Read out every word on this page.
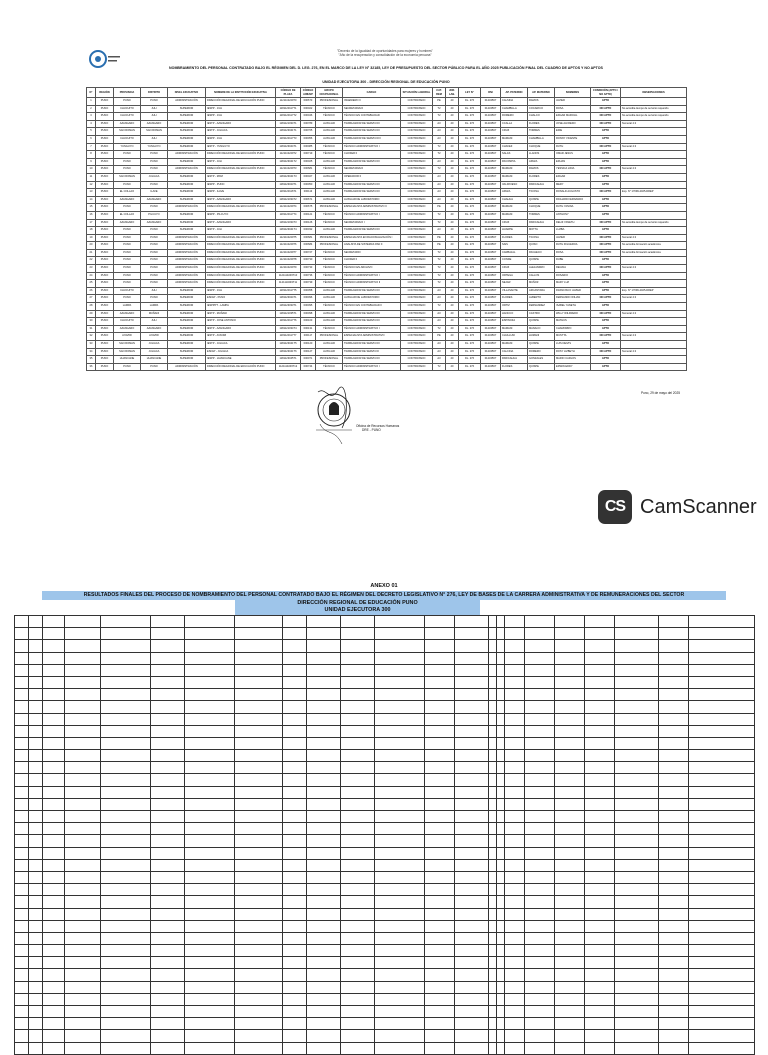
"Decenio de la Igualdad de oportunidades para mujeres y hombres"
"Año de la recuperación y consolidación de la economía peruana"
NOMBRAMIENTO DEL PERSONAL CONTRATADO BAJO EL RÉGIMEN DEL D. LEG. 276, EN EL MARCO DE LA LEY N° 32185, LEY DE PRESUPUESTO DEL SECTOR PÚBLICO PARA EL AÑO 2025 PUBLICACIÓN FINAL DEL CUADRO DE APTOS Y NO APTOS
UNIDAD EJECUTORA 300 - DIRECCIÓN REGIONAL DE EDUCACIÓN PUNO
N°	REGIÓN	PROVINCIA	DISTRITO	NIVEL EDUCATIVO	NOMBRE DE LA INSTITUCIÓN EDUCATIVA	CÓDIGO DE PLAZA	CÓDIGO AIRHSP	GRUPO OCUPACIONAL	CARGO	SITUACIÓN LABORAL	CAT. REM	JOR. LAB.	LEY N°	DNI	AP. PATERNO	AP. MATERNO	NOMBRES	CONDICIÓN (APTO / NO APTO)	OBSERVACIONES
1	PUNO	PUNO	PUNO	ADMINISTRACIÓN	DIRECCIÓN REGIONAL DE EDUCACIÓN PUNO	1121113249T0	000673	PROFESIONAL	INGENIERO II	CONTRATADO	PE	40	DL. 276	01234567	CALSINA	RAMOS	JAVIER	APTO	
2	PUNO	CHUCUITO	JULI	SUPERIOR	IESPP - JULI	1181123117T1	000022	TÉCNICO	SECRETARIA/O	CONTRATADO	T2	40	DL. 276	01234567	CHAMBILLA	COCARICO	ROSA	NO APTO	No acredita tiempo de servicio requerido
3	PUNO	CHUCUITO	JULI	SUPERIOR	IESPP - JULI	1181123117T2	000046	TÉCNICO	TÉCNICO EN CONTABILIDAD	CONTRATADO	T2	40	DL. 276	01234567	ROMERO	CHALCO	EDGAR MARCIAL	NO APTO	No acredita tiempo de servicio requerido
4	PUNO	AZANGARO	AZANGARO	SUPERIOR	IESTP - AZANGARO	1181121034T1	000789	AUXILIAR	TRABAJADOR DE SERVICIO I	CONTRATADO	A3	40	DL. 276	01234567	CCALLA	FLORES	JOSE ALFREDO	NO APTO	Numeral 4.3
5	PUNO	SAN ROMAN	SAN ROMAN	SUPERIOR	IESTP - JULIACA	1181123041T1	000765	AUXILIAR	TRABAJADOR DE SERVICIO I	CONTRATADO	A3	40	DL. 276	01234567	CRUZ	TORRES	EDIE	APTO	
6	PUNO	CHUCUITO	JULI	SUPERIOR	IESPP - JULI	1181123117T3	000056	AUXILIAR	TRABAJADOR DE SERVICIO II	CONTRATADO	A3	40	DL. 276	01234567	MAMANI	CHAMBILLA	RONNY VICENTE	APTO	
7	PUNO	YUNGUYO	YUNGUYO	SUPERIOR	IESTP - YUNGUYO	1181123044T1	000085	TÉCNICO	TÉCNICO ADMINISTRATIVO I	CONTRATADO	T2	40	DL. 276	01234567	CHAVEZ	CHOQUE	RUTH	NO APTO	Numeral 4.3
8	PUNO	PUNO	PUNO	ADMINISTRACIÓN	DIRECCIÓN REGIONAL DE EDUCACIÓN PUNO	1121113249T2	000719	TÉCNICO	CHOFER II	CONTRATADO	T2	40	DL. 276	01234567	SALAS	LLANOS	OMAR JESUS	APTO	
9	PUNO	PUNO	PUNO	SUPERIOR	IESTP - JULI	1181123041T2	000025	AUXILIAR	TRABAJADOR DE SERVICIO I	CONTRATADO	A3	40	DL. 276	01234567	PACOMPIA	APAZA	EDUAN	APTO	
10	PUNO	PUNO	PUNO	ADMINISTRACIÓN	DIRECCIÓN REGIONAL DE EDUCACIÓN PUNO	1121113249T3	000681	TÉCNICO	SECRETARIA/O	CONTRATADO	T2	40	DL. 276	01234567	MAMANI	RAMOS	YESSICA LIDIA	NO APTO	Numeral 4.3
11	PUNO	SAN ROMAN	JULIACA	SUPERIOR	IESTP - MXM	1181123041T3	000027	AUXILIAR	OPERADOR II	CONTRATADO	A3	40	DL. 276	01234567	MAMANI	FLORES	EDGAR	APTO	
12	PUNO	PUNO	PUNO	SUPERIOR	IESPP - PUNO	1181123023T1	000050	AUXILIAR	TRABAJADOR DE SERVICIO I	CONTRATADO	A3	40	DL. 276	01234567	VALDIVIESO	PARICAHUA	MERY	APTO	
13	PUNO	EL COLLAO	ILAVE	SUPERIOR	IESPP - ILAVE	1181123116T1	000113	AUXILIAR	TRABAJADOR DE SERVICIO I	CONTRATADO	A3	40	DL. 276	01234567	APAZA	TICONA	RONALD AUGUSTO	NO APTO	Exp. N° 17099-2025-DREP
14	PUNO	AZANGARO	AZANGARO	SUPERIOR	IESTP - AZANGARO	1181121034T2	000671	AUXILIAR	AUXILIAR DE LABORATORIO	CONTRATADO	A3	40	DL. 276	01234567	CHAHUA	QUISPE	RICHARD FERNANDO	APTO	
15	PUNO	PUNO	PUNO	ADMINISTRACIÓN	DIRECCIÓN REGIONAL DE EDUCACIÓN PUNO	1121113249T4	000675	PROFESIONAL	ESPECIALISTA ADMINISTRATIVO II	CONTRATADO	PE	40	DL. 276	01234567	MAMANI	CHOQUE	RUTH YANINA	APTO	
16	PUNO	EL COLLAO	PILCUYO	SUPERIOR	IESPP - PILCUYO	1181123117T4	000121	TÉCNICO	TÉCNICO ADMINISTRATIVO I	CONTRATADO	T2	40	DL. 276	01234567	MAMANI	TORRES	ANTHONY	APTO	
17	PUNO	AZANGARO	AZANGARO	SUPERIOR	IESTP - AZANGARO	1181121034T3	000126	TÉCNICO	SECRETARIA/O I	CONTRATADO	T2	40	DL. 276	01234567	CRUZ	PARICAHUA	DELIZ YANETH	NO APTO	No acredita tiempo de servicio requerido
18	PUNO	PUNO	PUNO	SUPERIOR	IESTP - JULI	1181123041T4	000032	AUXILIAR	TRABAJADOR DE SERVICIO I	CONTRATADO	A3	40	DL. 276	01234567	HUARPE	MOTTA	LUZBA	APTO	
19	PUNO	PUNO	PUNO	ADMINISTRACIÓN	DIRECCIÓN REGIONAL DE EDUCACIÓN PUNO	1121113249T5	000681	PROFESIONAL	ESPECIALISTA EN RACIONALIZACIÓN I	CONTRATADO	PE	40	DL. 276	01234567	FLORES	TICONA	JAVIER	NO APTO	Numeral 4.3
20	PUNO	PUNO	PUNO	ADMINISTRACIÓN	DIRECCIÓN REGIONAL DE EDUCACIÓN PUNO	1121113249T6	000684	PROFESIONAL	ANALISTA DE SISTEMAS PAD II	CONTRATADO	PE	40	DL. 276	01234567	SAIS	QUISO	RUTH FIGUEROA	NO APTO	No acredita formación académica
21	PUNO	PUNO	PUNO	ADMINISTRACIÓN	DIRECCIÓN REGIONAL DE EDUCACIÓN PUNO	1121113249T7	000727	TÉCNICO	SECRETARIO	CONTRATADO	T2	40	DL. 276	01234567	CARBAJAL	PACHECO	ROSA	NO APTO	No acredita formación académica
22	PUNO	PUNO	PUNO	ADMINISTRACIÓN	DIRECCIÓN REGIONAL DE EDUCACIÓN PUNO	1121113249T8	000730	TÉCNICO	CHOFER II	CONTRATADO	T2	40	DL. 276	01234567	CONDE	QUISPE	RUBE	APTO	
23	PUNO	PUNO	PUNO	ADMINISTRACIÓN	DIRECCIÓN REGIONAL DE EDUCACIÓN PUNO	1121113249T9	000733	TÉCNICO	TÉCNICO EN ARCHIVO	CONTRATADO	T2	40	DL. 276	01234567	CRUZ	ALEJANDRO	REGINA	NO APTO	Numeral 4.3
24	PUNO	PUNO	PUNO	ADMINISTRACIÓN	DIRECCIÓN REGIONAL DE EDUCACIÓN PUNO	1121113249T10	000736	TÉCNICO	TÉCNICO ADMINISTRATIVO I	CONTRATADO	T2	40	DL. 276	01234567	ORTEGA	CALLOS	ROSARIO	APTO	
25	PUNO	PUNO	PUNO	ADMINISTRACIÓN	DIRECCIÓN REGIONAL DE EDUCACIÓN PUNO	1121113249T11	000739	TÉCNICO	TÉCNICO ADMINISTRATIVO II	CONTRATADO	T2	40	DL. 276	01234567	NEJAR	MUÑOZ	MARY LUZ	APTO	
26	PUNO	CHUCUITO	JULI	SUPERIOR	IESPP - JULI	1181123117T5	000058	AUXILIAR	TRABAJADOR DE SERVICIO I	CONTRATADO	A3	40	DL. 276	01234567	VILLASANTE	ARCANTARA	FRANCISCO JAVIER	APTO	Exp. N° 17099-2025-DREP
27	PUNO	PUNO	PUNO	SUPERIOR	ESFAP - PUNO	1181123024T1	000096	AUXILIAR	AUXILIAR DE LABORATORIO	CONTRATADO	A3	40	DL. 276	01234567	FLORES	ALBERTO	FERNANDO WILIAN	NO APTO	Numeral 4.3
28	PUNO	LAMPA	LAMPA	SUPERIOR	IESPPPT - LAMPA	1181123033T1	000095	TÉCNICO	TÉCNICO EN CONTABILIDAD II	CONTRATADO	T2	40	DL. 276	01234567	ORTIZ	FERNANDEZ	ISABEL YANETH	APTO	
29	PUNO	AZANGARO	MUÑANI	SUPERIOR	IESTP - MUÑANI	1181121035T1	000098	AUXILIAR	TRABAJADOR DE SERVICIO I	CONTRATADO	A3	40	DL. 276	01234567	HANCCO	CASTRO	WILLY WILFREDO	NO APTO	Numeral 4.3
30	PUNO	CHUCUITO	JULI	SUPERIOR	IESTP - JOSE ANTONIO	1181123117T6	000103	AUXILIAR	TRABAJADOR DE SERVICIO I	CONTRATADO	A3	40	DL. 276	01234567	ESPINOZA	QUISPE	MATHUS	APTO	
31	PUNO	AZANGARO	AZANGARO	SUPERIOR	IESTP - AZANGARO	1181121034T4	000131	TÉCNICO	TÉCNICO ADMINISTRATIVO I	CONTRATADO	T2	40	DL. 276	01234567	MAMANI	MANACO	CHAMORRO	APTO	
32	PUNO	AYAVIRI	AYAVIRI	SUPERIOR	IESTP - AYAVIRI	1181123117T7	000117	PROFESIONAL	ESPECIALISTA ADMINISTRATIVO	CONTRATADO	PE	40	DL. 276	01234567	CHULLUNI	HUMANI	MUSTTA	NO APTO	Numeral 4.3
33	PUNO	SAN ROMAN	JULIACA	SUPERIOR	IESTP - JULIACA	1181123041T5	000120	AUXILIAR	TRABAJADOR DE SERVICIO I	CONTRATADO	A3	40	DL. 276	01234567	MAMANI	QUISPE	LUIS DEIVIS	APTO	
34	PUNO	SAN ROMAN	JULIACA	SUPERIOR	ESFAP - JULIACA	1181123041T6	000127	AUXILIAR	TRABAJADOR DE SERVICIO	CONTRATADO	A3	40	DL. 276	01234567	CALCINA	ROMERO	ROSY LIZBETH	NO APTO	Numeral 4.3
35	PUNO	HUANCANE	HUANCANE	SUPERIOR	IESPP - HUANCANE	1181123045T1	000071	PROFESIONAL	TRABAJADOR DE SERVICIO I	CONTRATADO	A3	40	DL. 276	01234567	PARICAHUA	GONZALES	MARIO CARLOS	APTO	
36	PUNO	PUNO	PUNO	ADMINISTRACIÓN	DIRECCIÓN REGIONAL DE EDUCACIÓN PUNO	1121113249T12	000744	TÉCNICO	TÉCNICO ADMINISTRATIVO I	CONTRATADO	T2	40	DL. 276	01234567	FLORES	QUISPE	EDWIN EDDY	APTO	
Puno, 29 de mayo del 2025
Oficina de Recursos Humanos
DRE - PUNO
CS CamScanner
ANEXO 01
RESULTADOS FINALES DEL PROCESO DE NOMBRAMIENTO DEL PERSONAL CONTRATADO BAJO EL RÉGIMEN DEL DECRETO LEGISLATIVO N° 276, LEY DE BASES DE LA CARRERA ADMINISTRATIVA Y DE REMUNERACIONES DEL SECTOR
DIRECCIÓN REGIONAL DE EDUCACIÓN PUNO
UNIDAD EJECUTORA 300
